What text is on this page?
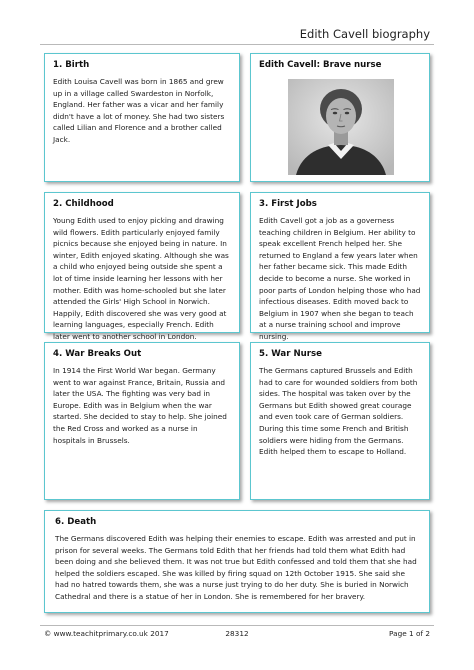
Edith Cavell biography
1. Birth

Edith Louisa Cavell was born in 1865 and grew up in a village called Swardeston in Norfolk, England. Her father was a vicar and her family didn't have a lot of money. She had two sisters called Lilian and Florence and a brother called Jack.

Edith Cavell: Brave nurse
2. Childhood

Young Edith used to enjoy picking and drawing wild flowers. Edith particularly enjoyed family picnics because she enjoyed being in nature. In winter, Edith enjoyed skating. Although she was a child who enjoyed being outside she spent a lot of time inside learning her lessons with her mother. Edith was home-schooled but she later attended the Girls' High School in Norwich. Happily, Edith discovered she was very good at learning languages, especially French. Edith later went to another school in London.

3. First Jobs

Edith Cavell got a job as a governess teaching children in Belgium. Her ability to speak excellent French helped her. She returned to England a few years later when her father became sick. This made Edith decide to become a nurse. She worked in poor parts of London helping those who had infectious diseases. Edith moved back to Belgium in 1907 when she began to teach at a nurse training school and improve nursing.

4. War Breaks Out

In 1914 the First World War began. Germany went to war against France, Britain, Russia and later the USA. The fighting was very bad in Europe. Edith was in Belgium when the war started. She decided to stay to help. She joined the Red Cross and worked as a nurse in hospitals in Brussels.

5. War Nurse

The Germans captured Brussels and Edith had to care for wounded soldiers from both sides. The hospital was taken over by the Germans but Edith showed great courage and even took care of German soldiers. During this time some French and British soldiers were hiding from the Germans. Edith helped them to escape to Holland.

6. Death

The Germans discovered Edith was helping their enemies to escape. Edith was arrested and put in prison for several weeks. The Germans told Edith that her friends had told them what Edith had been doing and she believed them. It was not true but Edith confessed and told them that she had helped the soldiers escaped. She was killed by firing squad on 12th October 1915. She said she had no hatred towards them, she was a nurse just trying to do her duty. She is buried in Norwich Cathedral and there is a statue of her in London. She is remembered for her bravery.

© www.teachitprimary.co.uk 2017	28312	Page 1 of 2
